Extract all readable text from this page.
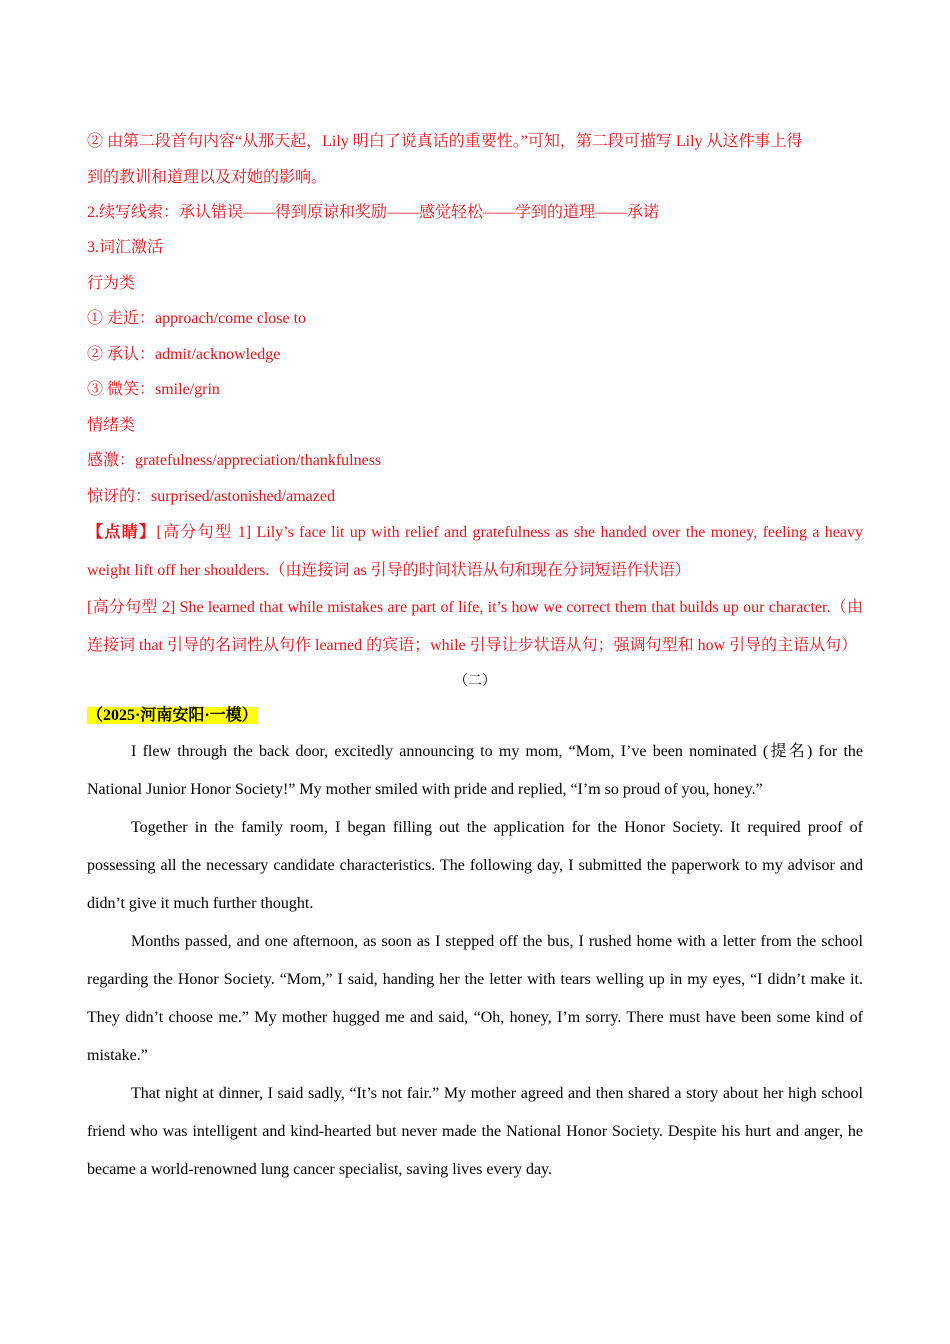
② 由第二段首句内容“从那天起，Lily 明白了说真话的重要性。”可知，第二段可描写 Lily 从这件事上得

到的教训和道理以及对她的影响。

2.续写线索：承认错误——得到原谅和奖励——感觉轻松——学到的道理——承诺

3.词汇激活

行为类

① 走近：approach/come close to

② 承认：admit/acknowledge

③ 微笑：smile/grin

情绪类

感激：gratefulness/appreciation/thankfulness

惊讶的：surprised/astonished/amazed

【点睛】[高分句型 1] Lily’s face lit up with relief and gratefulness as she handed over the money, feeling a heavy weight lift off her shoulders.（由连接词 as 引导的时间状语从句和现在分词短语作状语）

[高分句型 2] She learned that while mistakes are part of life, it’s how we correct them that builds up our character.（由连接词 that 引导的名词性从句作 learned 的宾语；while 引导让步状语从句；强调句型和 how 引导的主语从句）

（二）

（2025·河南安阳·一模）

I flew through the back door, excitedly announcing to my mom, “Mom, I’ve been nominated (提名) for the National Junior Honor Society!” My mother smiled with pride and replied, “I’m so proud of you, honey.”

Together in the family room, I began filling out the application for the Honor Society. It required proof of possessing all the necessary candidate characteristics. The following day, I submitted the paperwork to my advisor and didn’t give it much further thought.

Months passed, and one afternoon, as soon as I stepped off the bus, I rushed home with a letter from the school regarding the Honor Society. “Mom,” I said, handing her the letter with tears welling up in my eyes, “I didn’t make it. They didn’t choose me.” My mother hugged me and said, “Oh, honey, I’m sorry. There must have been some kind of mistake.”

That night at dinner, I said sadly, “It’s not fair.” My mother agreed and then shared a story about her high school friend who was intelligent and kind-hearted but never made the National Honor Society. Despite his hurt and anger, he became a world-renowned lung cancer specialist, saving lives every day.
